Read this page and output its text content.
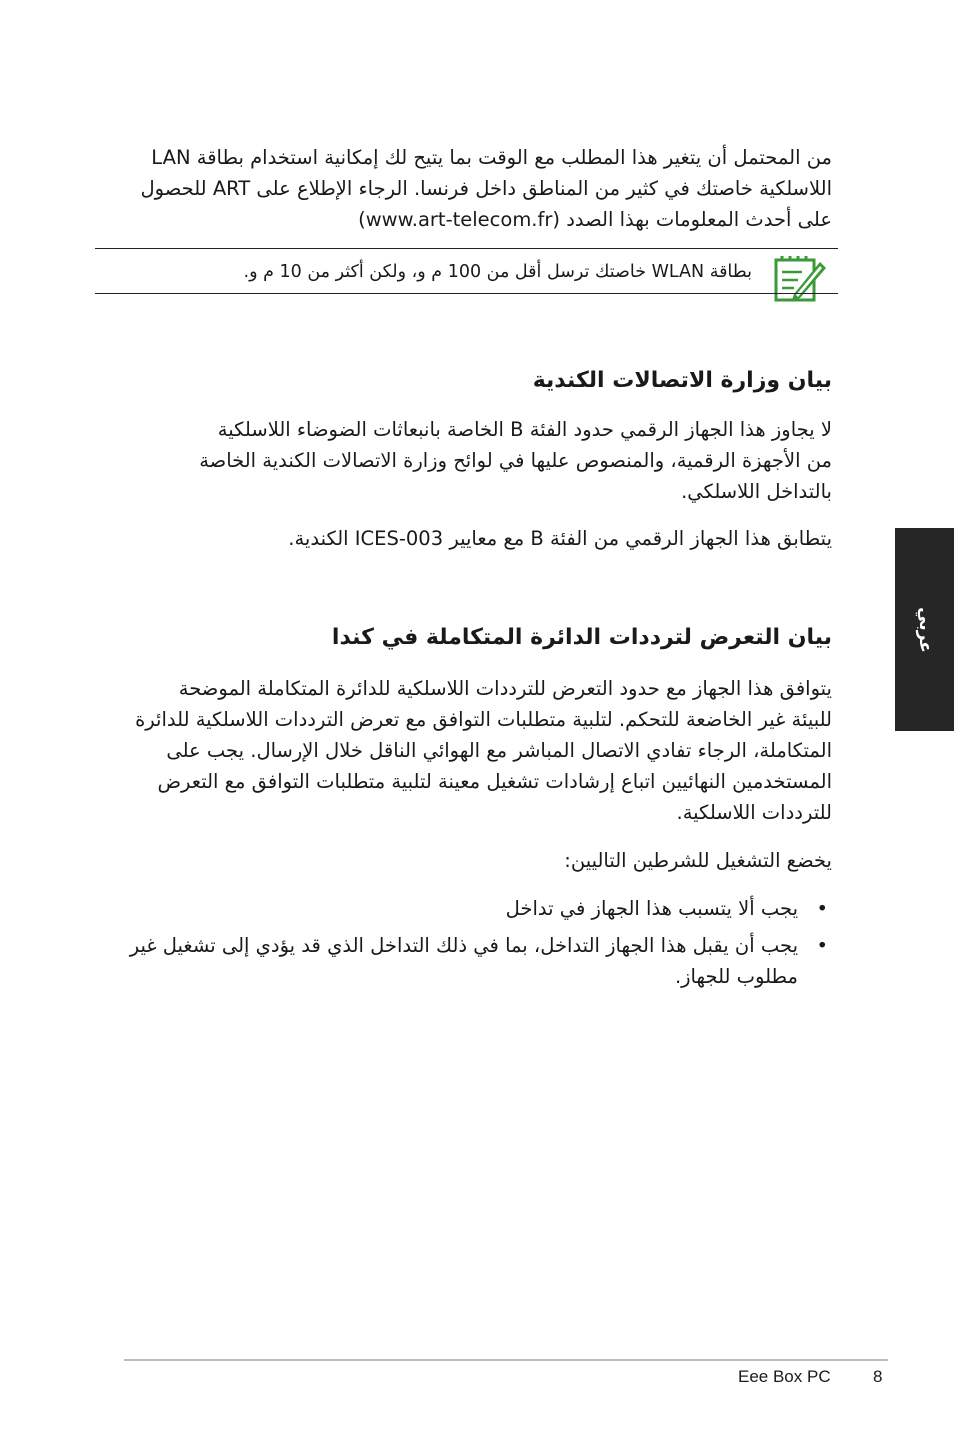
من المحتمل أن يتغير هذا المطلب مع الوقت بما يتيح لك إمكانية استخدام بطاقة LAN
اللاسلكية خاصتك في كثير من المناطق داخل فرنسا. الرجاء الإطلاع على ART للحصول
على أحدث المعلومات بهذا الصدد (www.art-telecom.fr)

بطاقة WLAN خاصتك ترسل أقل من 100 م و، ولكن أكثر من 10 م و.
بيان وزارة الاتصالات الكندية

لا يجاوز هذا الجهاز الرقمي حدود الفئة B الخاصة بانبعاثات الضوضاء اللاسلكية
من الأجهزة الرقمية، والمنصوص عليها في لوائح وزارة الاتصالات الكندية الخاصة
بالتداخل اللاسلكي.

يتطابق هذا الجهاز الرقمي من الفئة B مع معايير ICES-003 الكندية.

عربي
بيان التعرض لترددات الدائرة المتكاملة في كندا

يتوافق هذا الجهاز مع حدود التعرض للترددات اللاسلكية للدائرة المتكاملة الموضحة
للبيئة غير الخاضعة للتحكم. لتلبية متطلبات التوافق مع تعرض الترددات اللاسلكية للدائرة
المتكاملة، الرجاء تفادي الاتصال المباشر مع الهوائي الناقل خلال الإرسال. يجب على
المستخدمين النهائيين اتباع إرشادات تشغيل معينة لتلبية متطلبات التوافق مع التعرض
للترددات اللاسلكية.

يخضع التشغيل للشرطين التاليين:

•
يجب ألا يتسبب هذا الجهاز في تداخل
•
يجب أن يقبل هذا الجهاز التداخل، بما في ذلك التداخل الذي قد يؤدي إلى تشغيل غير
مطلوب للجهاز.
Eee Box PC 8
